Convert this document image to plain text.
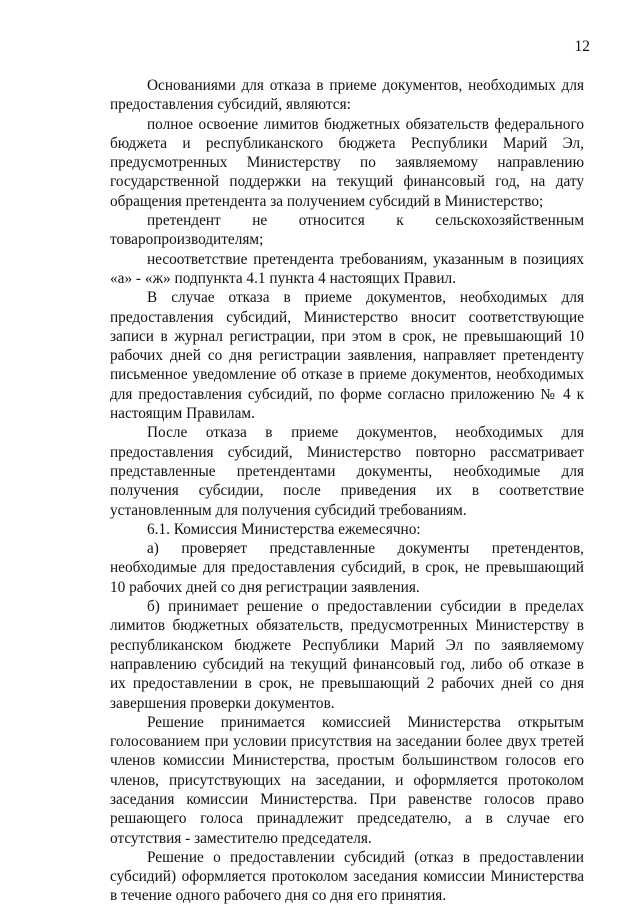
12

Основаниями для отказа в приеме документов, необходимых для предоставления субсидий, являются:

полное освоение лимитов бюджетных обязательств федерального бюджета и республиканского бюджета Республики Марий Эл, предусмотренных Министерству по заявляемому направлению государственной поддержки на текущий финансовый год, на дату обращения претендента за получением субсидий в Министерство;

претендент не относится к сельскохозяйственным товаропроизводителям;

несоответствие претендента требованиям, указанным в позициях «а» - «ж» подпункта 4.1 пункта 4 настоящих Правил.

В случае отказа в приеме документов, необходимых для предоставления субсидий, Министерство вносит соответствующие записи в журнал регистрации, при этом в срок, не превышающий 10 рабочих дней со дня регистрации заявления, направляет претенденту письменное уведомление об отказе в приеме документов, необходимых для предоставления субсидий, по форме согласно приложению № 4 к настоящим Правилам.

После отказа в приеме документов, необходимых для предоставления субсидий, Министерство повторно рассматривает представленные претендентами документы, необходимые для получения субсидии, после приведения их в соответствие установленным для получения субсидий требованиям.

6.1. Комиссия Министерства ежемесячно:

а) проверяет представленные документы претендентов, необходимые для предоставления субсидий, в срок, не превышающий 10 рабочих дней со дня регистрации заявления.

б) принимает решение о предоставлении субсидии в пределах лимитов бюджетных обязательств, предусмотренных Министерству в республиканском бюджете Республики Марий Эл по заявляемому направлению субсидий на текущий финансовый год, либо об отказе в их предоставлении в срок, не превышающий 2 рабочих дней со дня завершения проверки документов.

Решение принимается комиссией Министерства открытым голосованием при условии присутствия на заседании более двух третей членов комиссии Министерства, простым большинством голосов его членов, присутствующих на заседании, и оформляется протоколом заседания комиссии Министерства. При равенстве голосов право решающего голоса принадлежит председателю, а в случае его отсутствия - заместителю председателя.

Решение о предоставлении субсидий (отказ в предоставлении субсидий) оформляется протоколом заседания комиссии Министерства в течение одного рабочего дня со дня его принятия.
